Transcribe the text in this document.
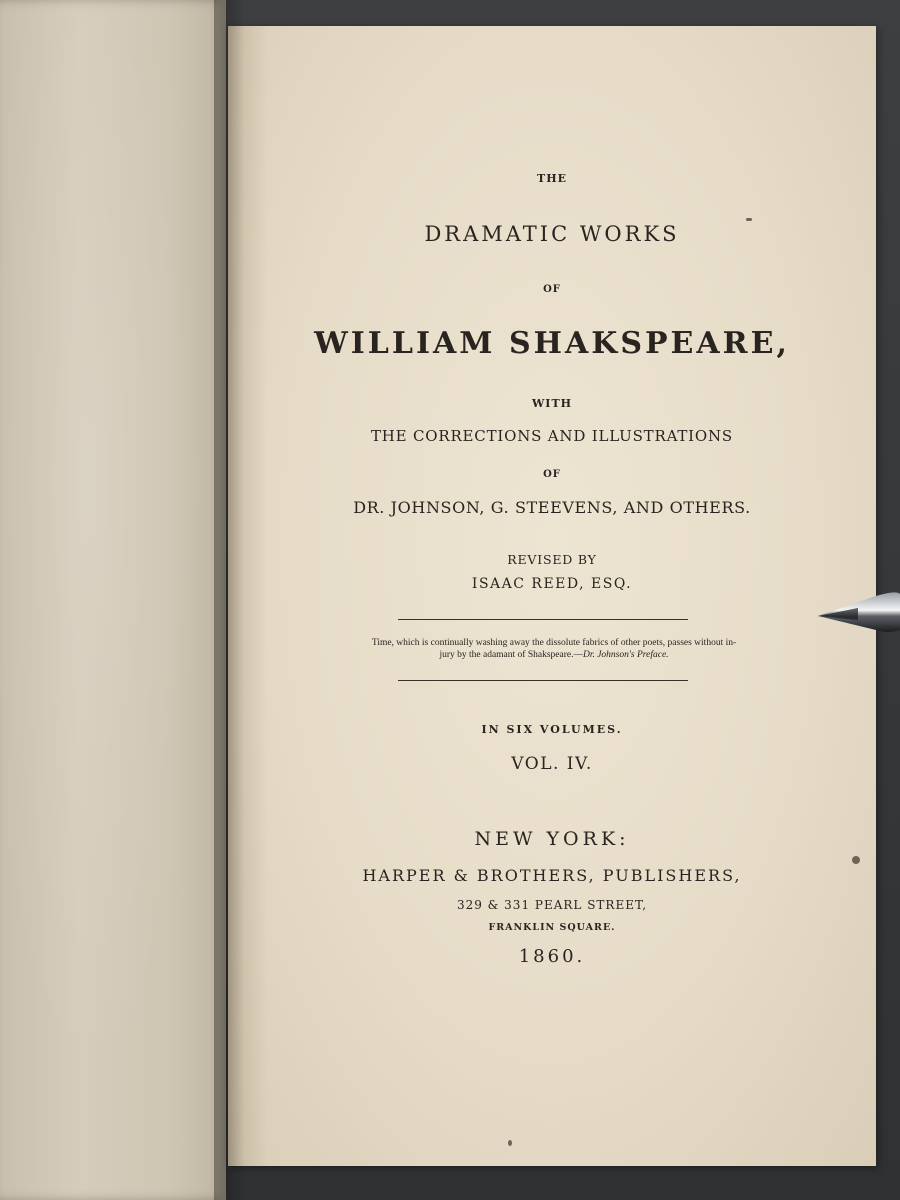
THE
DRAMATIC WORKS
OF
WILLIAM SHAKSPEARE,
WITH
THE CORRECTIONS AND ILLUSTRATIONS
OF
DR. JOHNSON, G. STEEVENS, AND OTHERS.
REVISED BY
ISAAC REED, ESQ.
Time, which is continually washing away the dissolute fabrics of other poets, passes without in-
jury by the adamant of Shakspeare.—Dr. Johnson's Preface.
IN SIX VOLUMES.
VOL. IV.
NEW YORK:
HARPER & BROTHERS, PUBLISHERS,
329 & 331 PEARL STREET,
FRANKLIN SQUARE.
1860.
